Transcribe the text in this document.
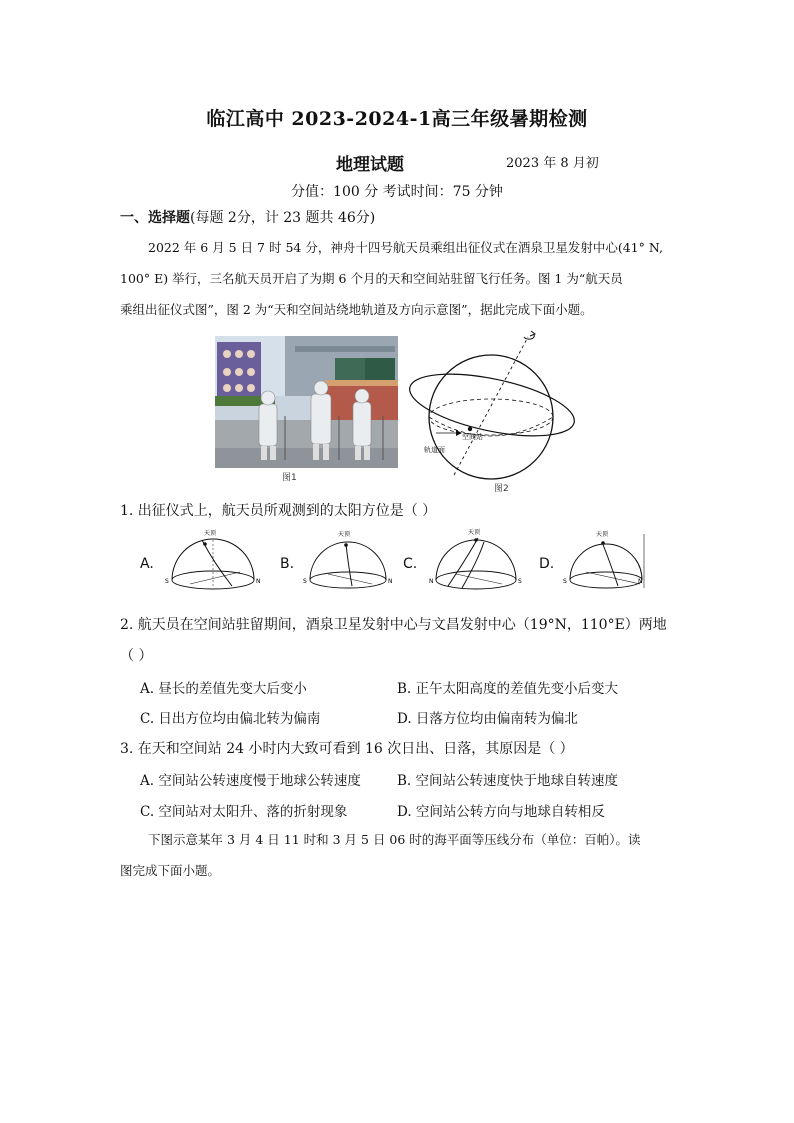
临江高中 2023-2024-1高三年级暑期检测
地理试题	2023 年 8 月初
分值：100 分 考试时间：75 分钟
一、选择题(每题 2分，计 23 题共 46分)
2022 年 6 月 5 日 7 时 54 分，神舟十四号航天员乘组出征仪式在酒泉卫星发射中心(41° N,
100° E) 举行，三名航天员开启了为期 6 个月的天和空间站驻留飞行任务。图 1 为“航天员
乘组出征仪式图”，图 2 为“天和空间站绕地轨道及方向示意图”，据此完成下面小题。
图1
空间站
轨道面
图2
1. 出征仪式上，航天员所观测到的太阳方位是（ ）
A.
天顶
S	N
B.
天顶
S	N
C.
天顶
N	S
D.
天顶
S	N
2. 航天员在空间站驻留期间，酒泉卫星发射中心与文昌发射中心（19°N，110°E）两地
（ ）
A. 昼长的差值先变大后变小	B. 正午太阳高度的差值先变小后变大
C. 日出方位均由偏北转为偏南	D. 日落方位均由偏南转为偏北
3. 在天和空间站 24 小时内大致可看到 16 次日出、日落，其原因是（ ）
A. 空间站公转速度慢于地球公转速度	B. 空间站公转速度快于地球自转速度
C. 空间站对太阳升、落的折射现象	D. 空间站公转方向与地球自转相反
下图示意某年 3 月 4 日 11 时和 3 月 5 日 06 时的海平面等压线分布（单位：百帕）。读
图完成下面小题。
